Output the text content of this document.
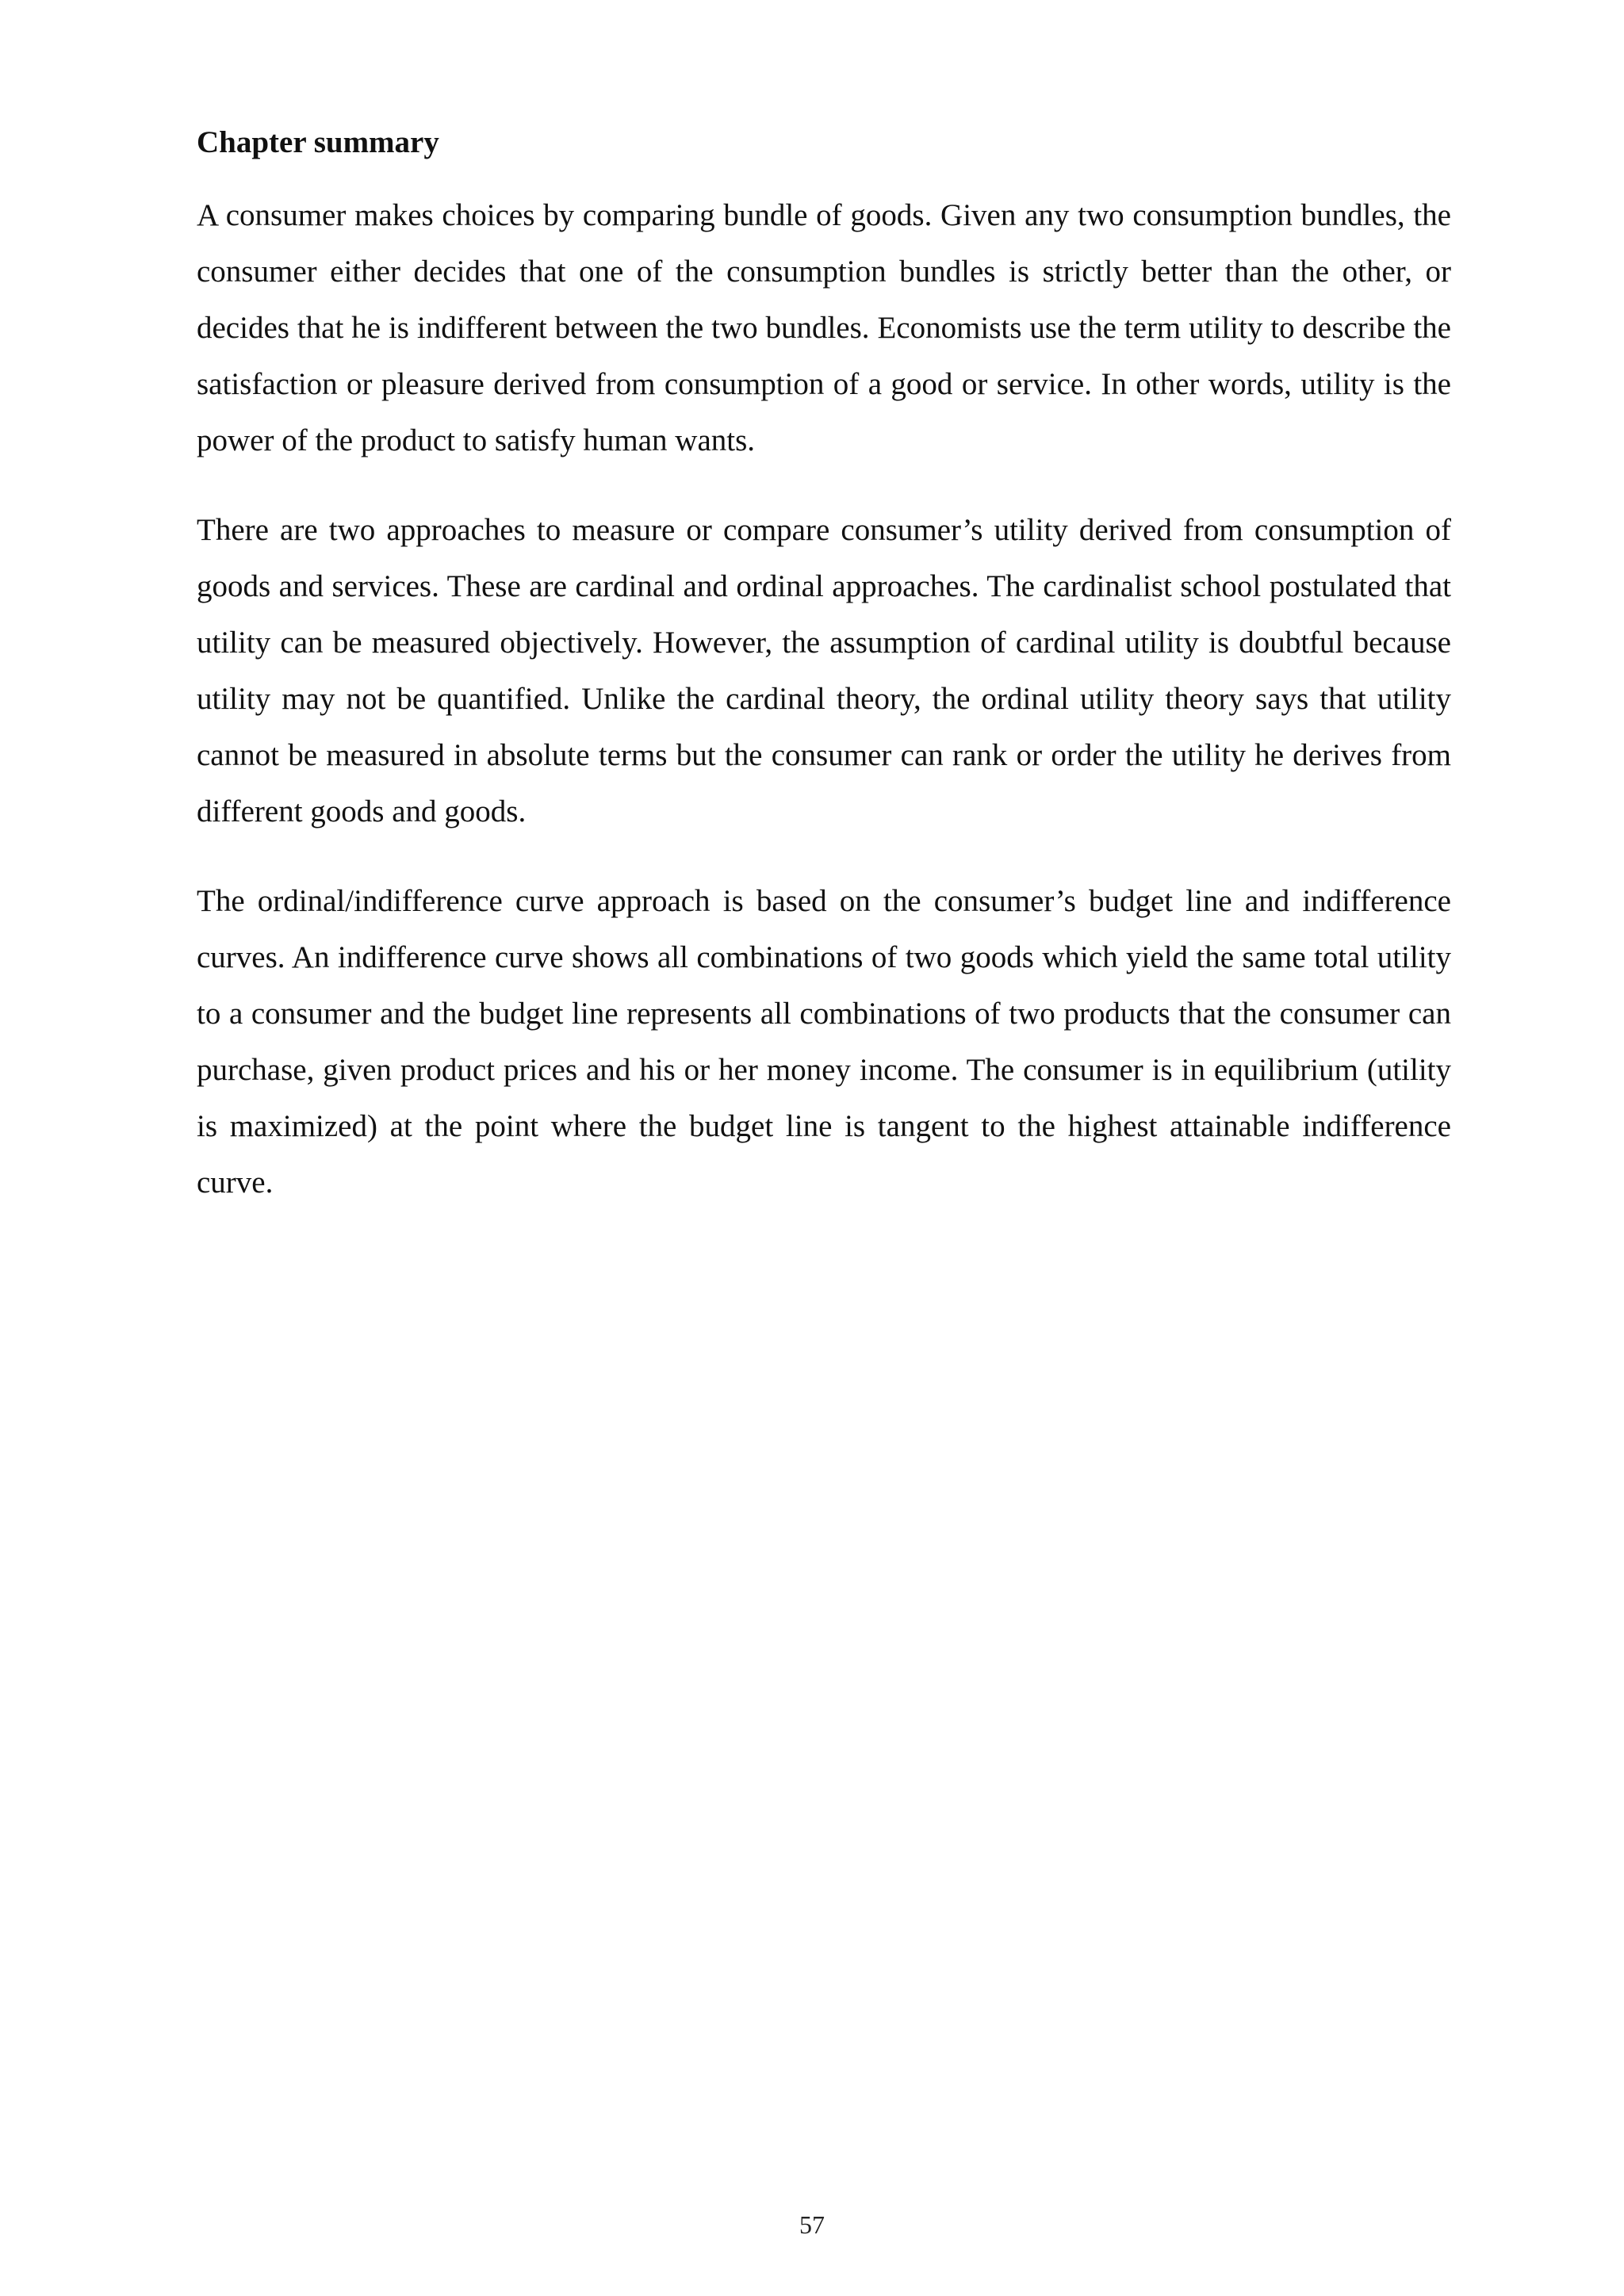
Chapter summary

A consumer makes choices by comparing bundle of goods. Given any two consumption bundles, the consumer either decides that one of the consumption bundles is strictly better than the other, or decides that he is indifferent between the two bundles. Economists use the term utility to describe the satisfaction or pleasure derived from consumption of a good or service. In other words, utility is the power of the product to satisfy human wants.

There are two approaches to measure or compare consumer’s utility derived from consumption of goods and services. These are cardinal and ordinal approaches. The cardinalist school postulated that utility can be measured objectively. However, the assumption of cardinal utility is doubtful because utility may not be quantified. Unlike the cardinal theory, the ordinal utility theory says that utility cannot be measured in absolute terms but the consumer can rank or order the utility he derives from different goods and goods.

The ordinal/indifference curve approach is based on the consumer’s budget line and indifference curves. An indifference curve shows all combinations of two goods which yield the same total utility to a consumer and the budget line represents all combinations of two products that the consumer can purchase, given product prices and his or her money income. The consumer is in equilibrium (utility is maximized) at the point where the budget line is tangent to the highest attainable indifference curve.

57
